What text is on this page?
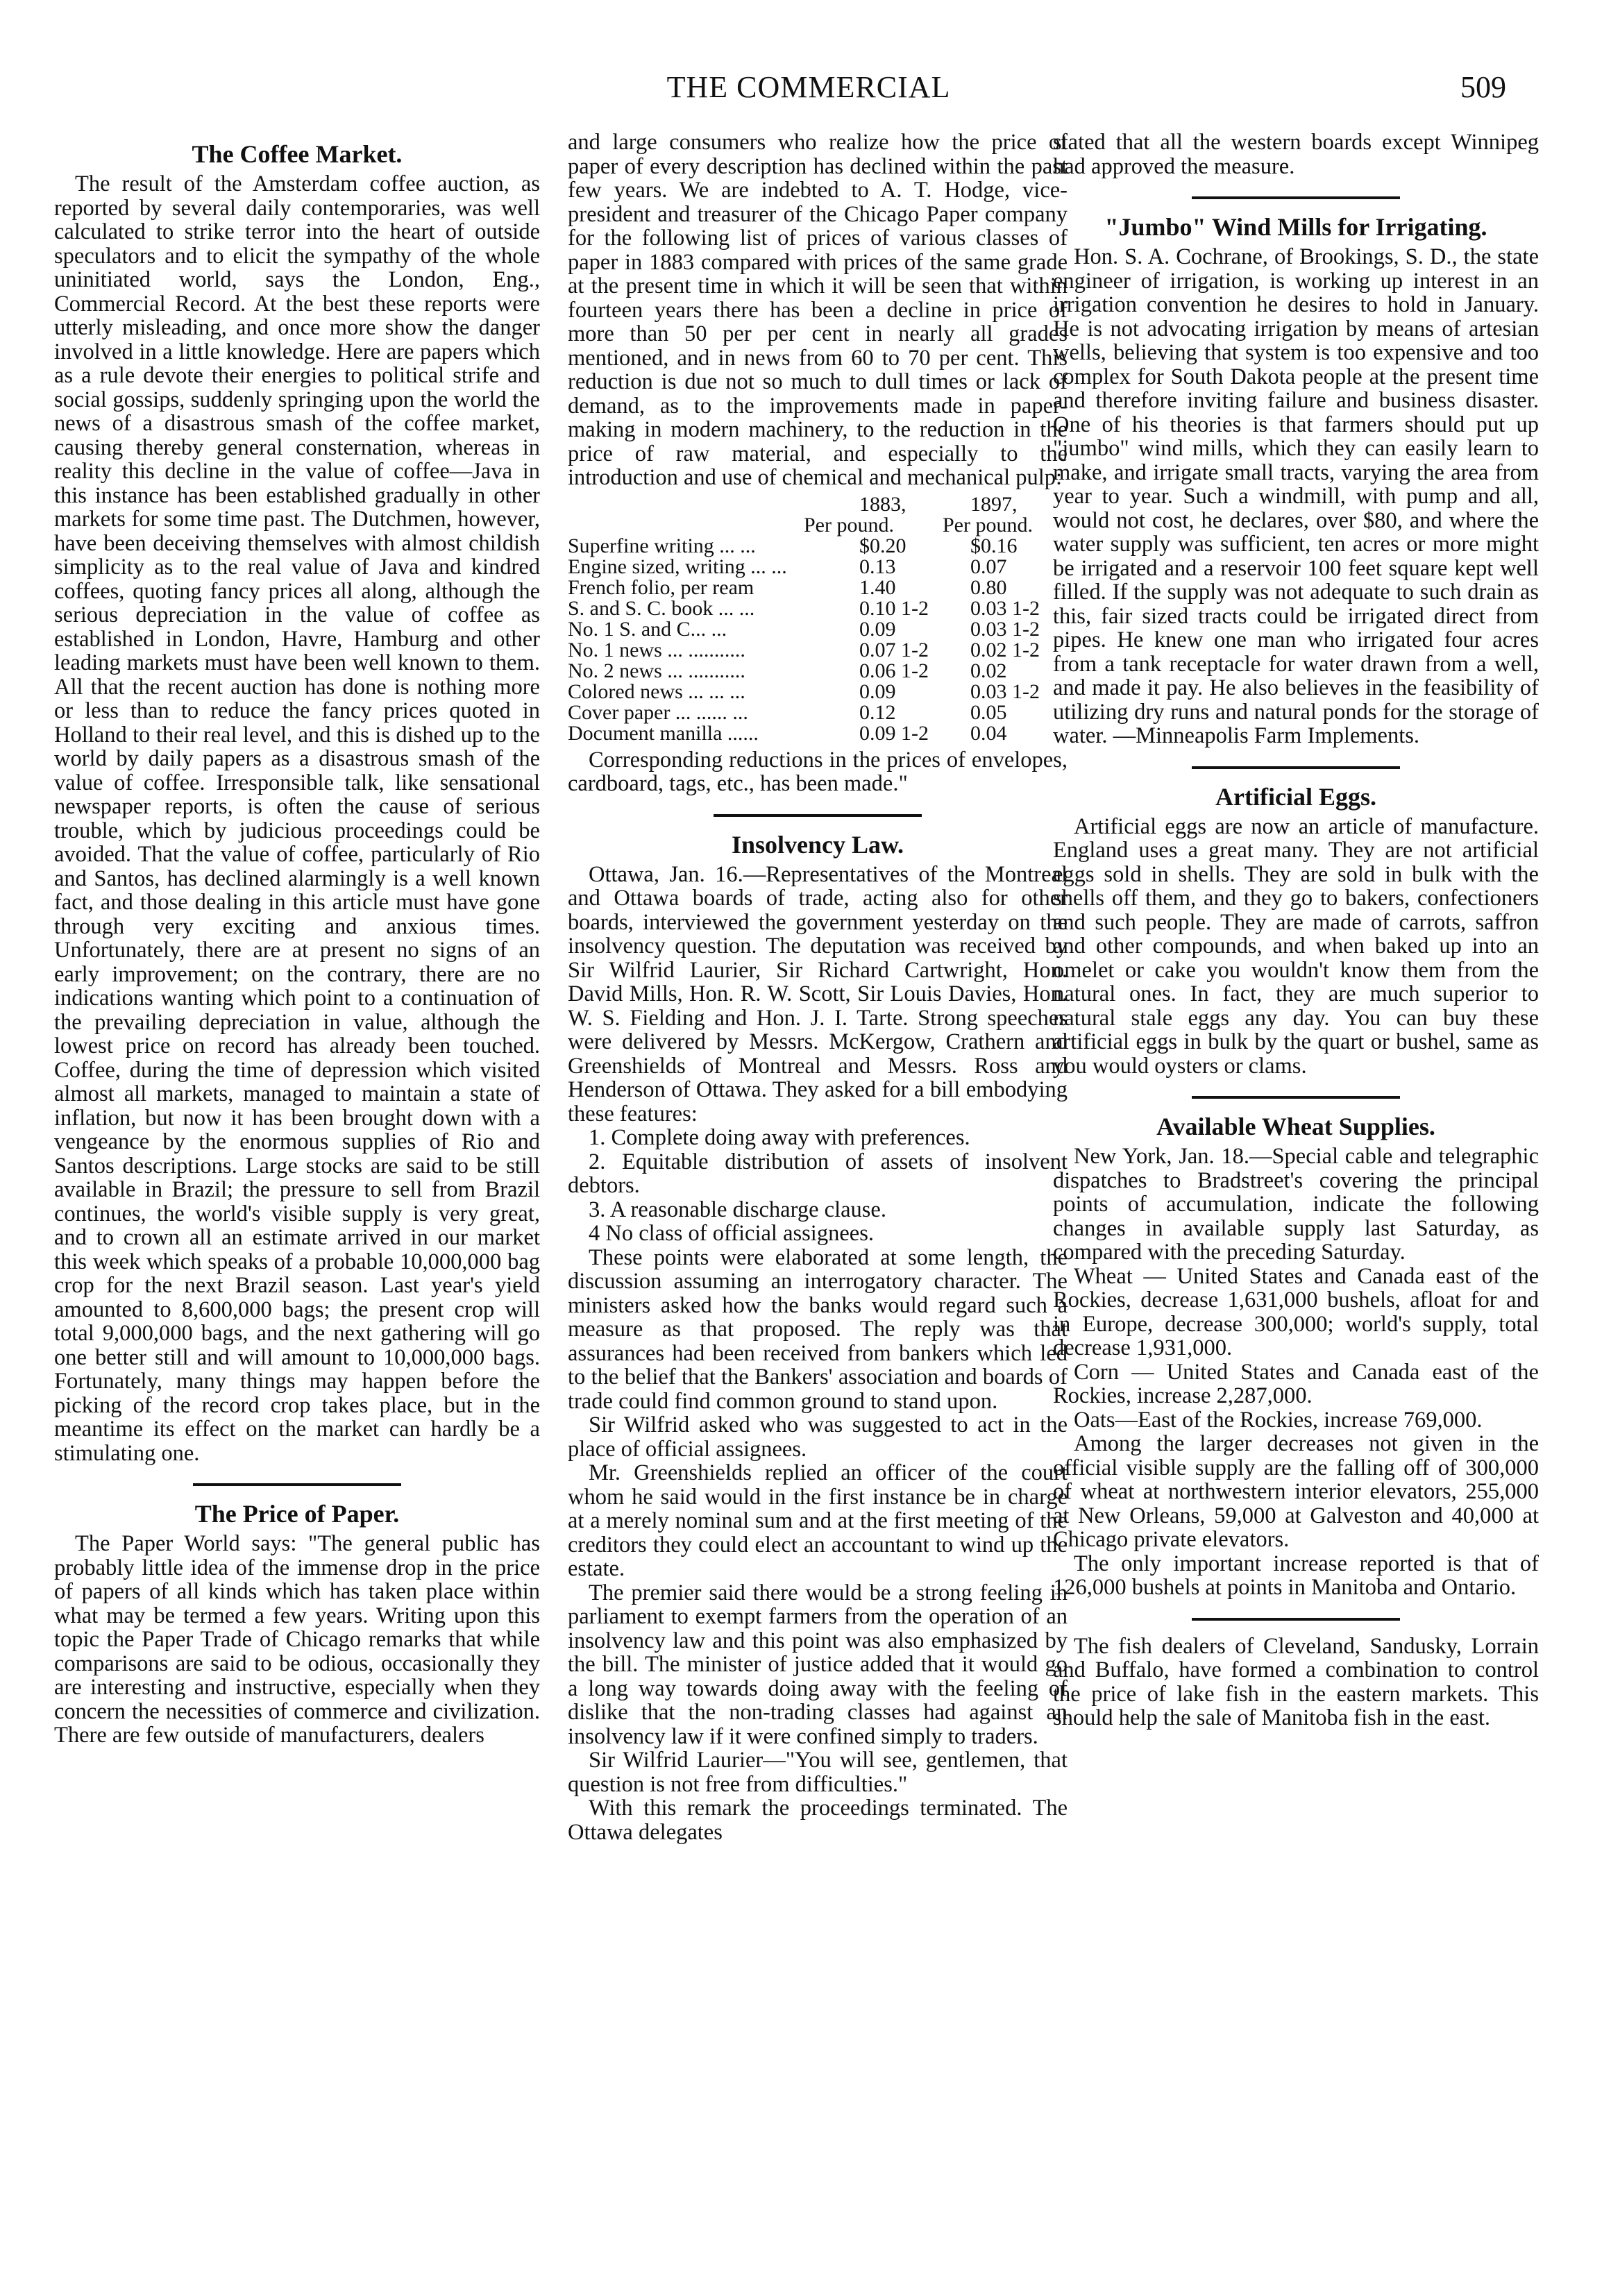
THE COMMERCIAL	509
The Coffee Market.

The result of the Amsterdam coffee auction, as reported by several daily contemporaries, was well calculated to strike terror into the heart of outside speculators and to elicit the sympathy of the whole uninitiated world, says the London, Eng., Commercial Record. At the best these reports were utterly misleading, and once more show the danger involved in a little knowledge. Here are papers which as a rule devote their energies to political strife and social gossips, suddenly springing upon the world the news of a disastrous smash of the coffee market, causing thereby general consternation, whereas in reality this decline in the value of coffee—Java in this instance has been established gradually in other markets for some time past. The Dutchmen, however, have been deceiving themselves with almost childish simplicity as to the real value of Java and kindred coffees, quoting fancy prices all along, although the serious depreciation in the value of coffee as established in London, Havre, Hamburg and other leading markets must have been well known to them. All that the recent auction has done is nothing more or less than to reduce the fancy prices quoted in Holland to their real level, and this is dished up to the world by daily papers as a disastrous smash of the value of coffee. Irresponsible talk, like sensational newspaper reports, is often the cause of serious trouble, which by judicious proceedings could be avoided. That the value of coffee, particularly of Rio and Santos, has declined alarmingly is a well known fact, and those dealing in this article must have gone through very exciting and anxious times. Unfortunately, there are at present no signs of an early improvement; on the contrary, there are no indications wanting which point to a continuation of the prevailing depreciation in value, although the lowest price on record has already been touched. Coffee, during the time of depression which visited almost all markets, managed to maintain a state of inflation, but now it has been brought down with a vengeance by the enormous supplies of Rio and Santos descriptions. Large stocks are said to be still available in Brazil; the pressure to sell from Brazil continues, the world's visible supply is very great, and to crown all an estimate arrived in our market this week which speaks of a probable 10,000,000 bag crop for the next Brazil season. Last year's yield amounted to 8,600,000 bags; the present crop will total 9,000,000 bags, and the next gathering will go one better still and will amount to 10,000,000 bags. Fortunately, many things may happen before the picking of the record crop takes place, but in the meantime its effect on the market can hardly be a stimulating one.

The Price of Paper.

The Paper World says: "The general public has probably little idea of the immense drop in the price of papers of all kinds which has taken place within what may be termed a few years. Writing upon this topic the Paper Trade of Chicago remarks that while comparisons are said to be odious, occasionally they are interesting and instructive, especially when they concern the necessities of commerce and civilization. There are few outside of manufacturers, dealers

and large consumers who realize how the price of paper of every description has declined within the past few years. We are indebted to A. T. Hodge, vice-president and treasurer of the Chicago Paper company for the following list of prices of various classes of paper in 1883 compared with prices of the same grade at the present time in which it will be seen that within fourteen years there has been a decline in price of more than 50 per per cent in nearly all grades mentioned, and in news from 60 to 70 per cent. This reduction is due not so much to dull times or lack of demand, as to the improvements made in paper-making in modern machinery, to the reduction in the price of raw material, and especially to the introduction and use of chemical and mechanical pulp:

1883,	1897,
Per pound.	Per pound.
Superfine writing ... ...	$0.20	$0.16
Engine sized, writing ... ...	0.13	0.07
French folio, per ream	1.40	0.80
S. and S. C. book ... ...	0.10 1-2	0.03 1-2
No. 1 S. and C... ...	0.09	0.03 1-2
No. 1 news ... ...........	0.07 1-2	0.02 1-2
No. 2 news ... ...........	0.06 1-2	0.02
Colored news ... ... ...	0.09	0.03 1-2
Cover paper ... ...... ...	0.12	0.05
Document manilla ......	0.09 1-2	0.04

Corresponding reductions in the prices of envelopes, cardboard, tags, etc., has been made."

Insolvency Law.

Ottawa, Jan. 16.—Representatives of the Montreal and Ottawa boards of trade, acting also for other boards, interviewed the government yesterday on the insolvency question. The deputation was received by Sir Wilfrid Laurier, Sir Richard Cartwright, Hon. David Mills, Hon. R. W. Scott, Sir Louis Davies, Hon. W. S. Fielding and Hon. J. I. Tarte. Strong speeches were delivered by Messrs. McKergow, Crathern and Greenshields of Montreal and Messrs. Ross and Henderson of Ottawa. They asked for a bill embodying these features:

1. Complete doing away with preferences.

2. Equitable distribution of assets of insolvent debtors.

3. A reasonable discharge clause.

4 No class of official assignees.

These points were elaborated at some length, the discussion assuming an interrogatory character. The ministers asked how the banks would regard such a measure as that proposed. The reply was that assurances had been received from bankers which led to the belief that the Bankers' association and boards of trade could find common ground to stand upon.

Sir Wilfrid asked who was suggested to act in the place of official assignees.

Mr. Greenshields replied an officer of the court whom he said would in the first instance be in charge at a merely nominal sum and at the first meeting of the creditors they could elect an accountant to wind up the estate.

The premier said there would be a strong feeling in parliament to exempt farmers from the operation of an insolvency law and this point was also emphasized by the bill. The minister of justice added that it would go a long way towards doing away with the feeling of dislike that the non-trading classes had against an insolvency law if it were confined simply to traders.

Sir Wilfrid Laurier—"You will see, gentlemen, that question is not free from difficulties."

With this remark the proceedings terminated. The Ottawa delegates

stated that all the western boards except Winnipeg had approved the measure.

"Jumbo" Wind Mills for Irrigating.

Hon. S. A. Cochrane, of Brookings, S. D., the state engineer of irrigation, is working up interest in an irrigation convention he desires to hold in January. He is not advocating irrigation by means of artesian wells, believing that system is too expensive and too complex for South Dakota people at the present time and therefore inviting failure and business disaster. One of his theories is that farmers should put up "jumbo" wind mills, which they can easily learn to make, and irrigate small tracts, varying the area from year to year. Such a windmill, with pump and all, would not cost, he declares, over $80, and where the water supply was sufficient, ten acres or more might be irrigated and a reservoir 100 feet square kept well filled. If the supply was not adequate to such drain as this, fair sized tracts could be irrigated direct from pipes. He knew one man who irrigated four acres from a tank receptacle for water drawn from a well, and made it pay. He also believes in the feasibility of utilizing dry runs and natural ponds for the storage of water. —Minneapolis Farm Implements.

Artificial Eggs.

Artificial eggs are now an article of manufacture. England uses a great many. They are not artificial eggs sold in shells. They are sold in bulk with the shells off them, and they go to bakers, confectioners and such people. They are made of carrots, saffron and other compounds, and when baked up into an omelet or cake you wouldn't know them from the natural ones. In fact, they are much superior to natural stale eggs any day. You can buy these artificial eggs in bulk by the quart or bushel, same as you would oysters or clams.

Available Wheat Supplies.

New York, Jan. 18.—Special cable and telegraphic dispatches to Bradstreet's covering the principal points of accumulation, indicate the following changes in available supply last Saturday, as compared with the preceding Saturday.

Wheat — United States and Canada east of the Rockies, decrease 1,631,000 bushels, afloat for and in Europe, decrease 300,000; world's supply, total decrease 1,931,000.

Corn — United States and Canada east of the Rockies, increase 2,287,000.

Oats—East of the Rockies, increase 769,000.

Among the larger decreases not given in the official visible supply are the falling off of 300,000 of wheat at northwestern interior elevators, 255,000 at New Orleans, 59,000 at Galveston and 40,000 at Chicago private elevators.

The only important increase reported is that of 126,000 bushels at points in Manitoba and Ontario.

The fish dealers of Cleveland, Sandusky, Lorrain and Buffalo, have formed a combination to control the price of lake fish in the eastern markets. This should help the sale of Manitoba fish in the east.
